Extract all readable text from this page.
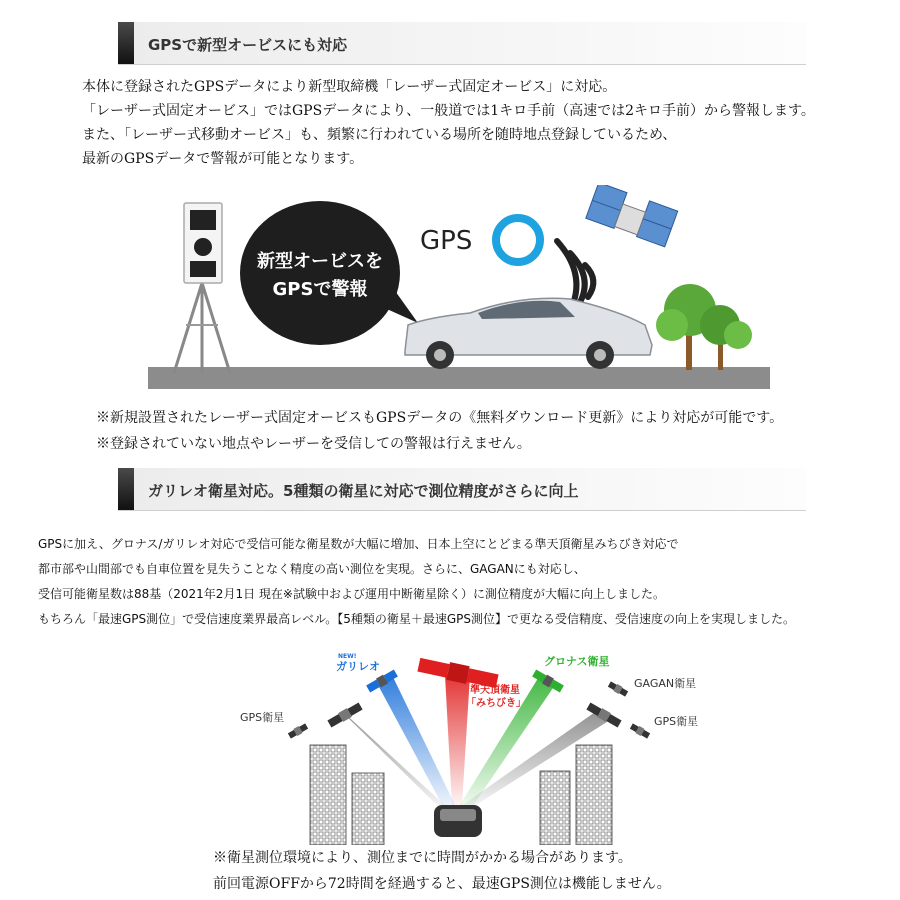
GPSで新型オービスにも対応
本体に登録されたGPSデータにより新型取締機「レーザー式固定オービス」に対応。
「レーザー式固定オービス」ではGPSデータにより、一般道では1キロ手前（高速では2キロ手前）から警報します。
また、「レーザー式移動オービス」も、頻繁に行われている場所を随時地点登録しているため、
最新のGPSデータで警報が可能となります。
新型オービスを
GPSで警報
GPS
※新規設置されたレーザー式固定オービスもGPSデータの《無料ダウンロード更新》により対応が可能です。
※登録されていない地点やレーザーを受信しての警報は行えません。
ガリレオ衛星対応。5種類の衛星に対応で測位精度がさらに向上
GPSに加え、グロナス/ガリレオ対応で受信可能な衛星数が大幅に増加、日本上空にとどまる準天頂衛星みちびき対応で
都市部や山間部でも自車位置を見失うことなく精度の高い測位を実現。さらに、GAGANにも対応し、
受信可能衛星数は88基（2021年2月1日 現在※試験中および運用中断衛星除く）に測位精度が大幅に向上しました。
もちろん「最速GPS測位」で受信速度業界最高レベル。【5種類の衛星＋最速GPS測位】で更なる受信精度、受信速度の向上を実現しました。
NEW!
ガリレオ
準天頂衛星
「みちびき」
グロナス衛星
GAGAN衛星
GPS衛星	GPS衛星
※衛星測位環境により、測位までに時間がかかる場合があります。
前回電源OFFから72時間を経過すると、最速GPS測位は機能しません。
